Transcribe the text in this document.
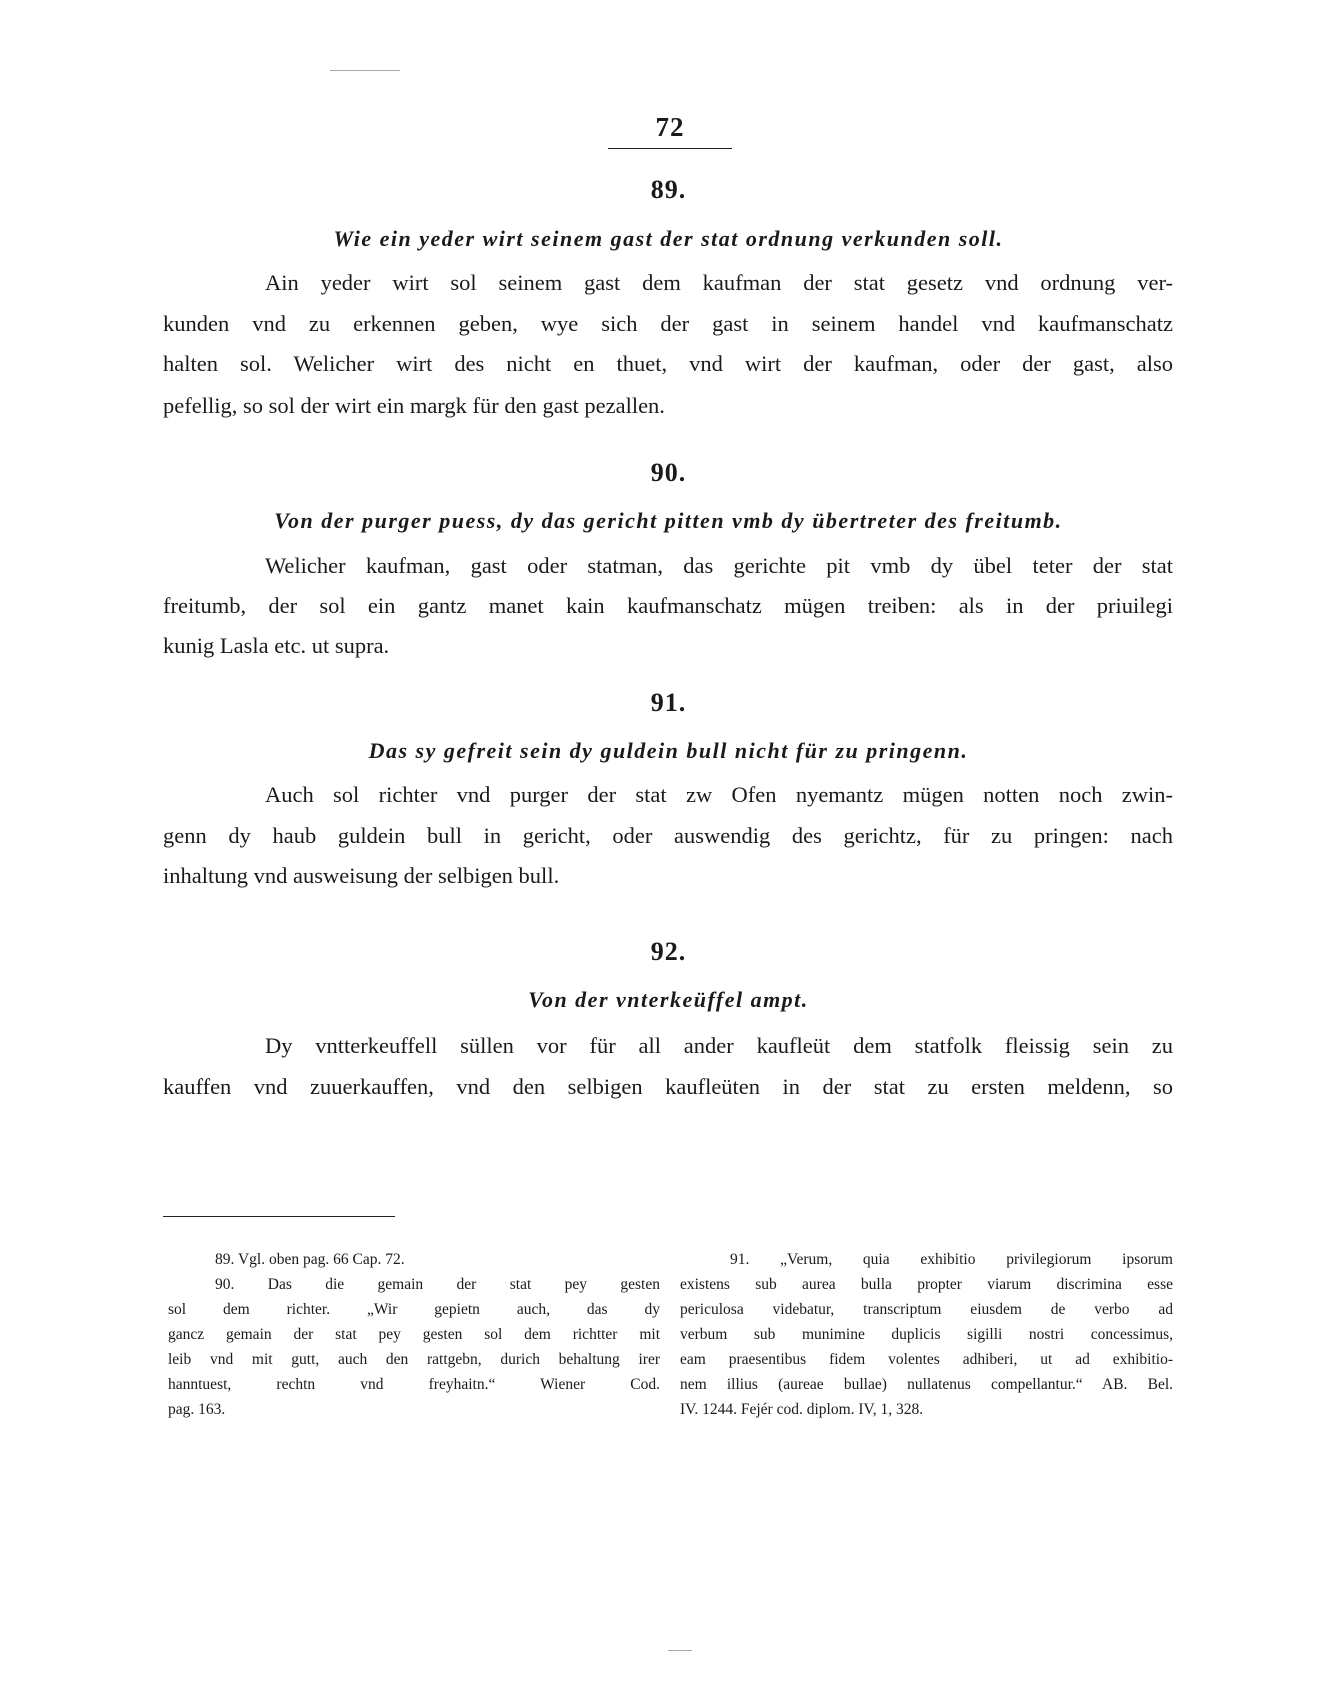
72
89.
Wie ein yeder wirt seinem gast der stat ordnung verkunden soll.
Ain yeder wirt sol seinem gast dem kaufman der stat gesetz vnd ordnung ver-
kunden vnd zu erkennen geben, wye sich der gast in seinem handel vnd kaufmanschatz
halten sol. Welicher wirt des nicht en thuet, vnd wirt der kaufman, oder der gast, also
pefellig, so sol der wirt ein margk für den gast pezallen.
90.
Von der purger puess, dy das gericht pitten vmb dy übertreter des freitumb.
Welicher kaufman, gast oder statman, das gerichte pit vmb dy übel teter der stat
freitumb, der sol ein gantz manet kain kaufmanschatz mügen treiben: als in der priuilegi
kunig Lasla etc. ut supra.
91.
Das sy gefreit sein dy guldein bull nicht für zu pringenn.
Auch sol richter vnd purger der stat zw Ofen nyemantz mügen notten noch zwin-
genn dy haub guldein bull in gericht, oder auswendig des gerichtz, für zu pringen: nach
inhaltung vnd ausweisung der selbigen bull.
92.
Von der vnterkeüffel ampt.
Dy vntterkeuffell süllen vor für all ander kaufleüt dem statfolk fleissig sein zu
kauffen vnd zuuerkauffen, vnd den selbigen kaufleüten in der stat zu ersten meldenn, so
89. Vgl. oben pag. 66 Cap. 72.
90. Das die gemain der stat pey gesten
sol dem richter. „Wir gepietn auch, das dy
gancz gemain der stat pey gesten sol dem richtter mit
leib vnd mit gutt, auch den rattgebn, durich behaltung irer
hanntuest, rechtn vnd freyhaitn.“ Wiener Cod.
pag. 163.
91. „Verum, quia exhibitio privilegiorum ipsorum
existens sub aurea bulla propter viarum discrimina esse
periculosa videbatur, transcriptum eiusdem de verbo ad
verbum sub munimine duplicis sigilli nostri concessimus,
eam praesentibus fidem volentes adhiberi, ut ad exhibitio-
nem illius (aureae bullae) nullatenus compellantur.“ AB. Bel.
IV. 1244. Fejér cod. diplom. IV, 1, 328.
